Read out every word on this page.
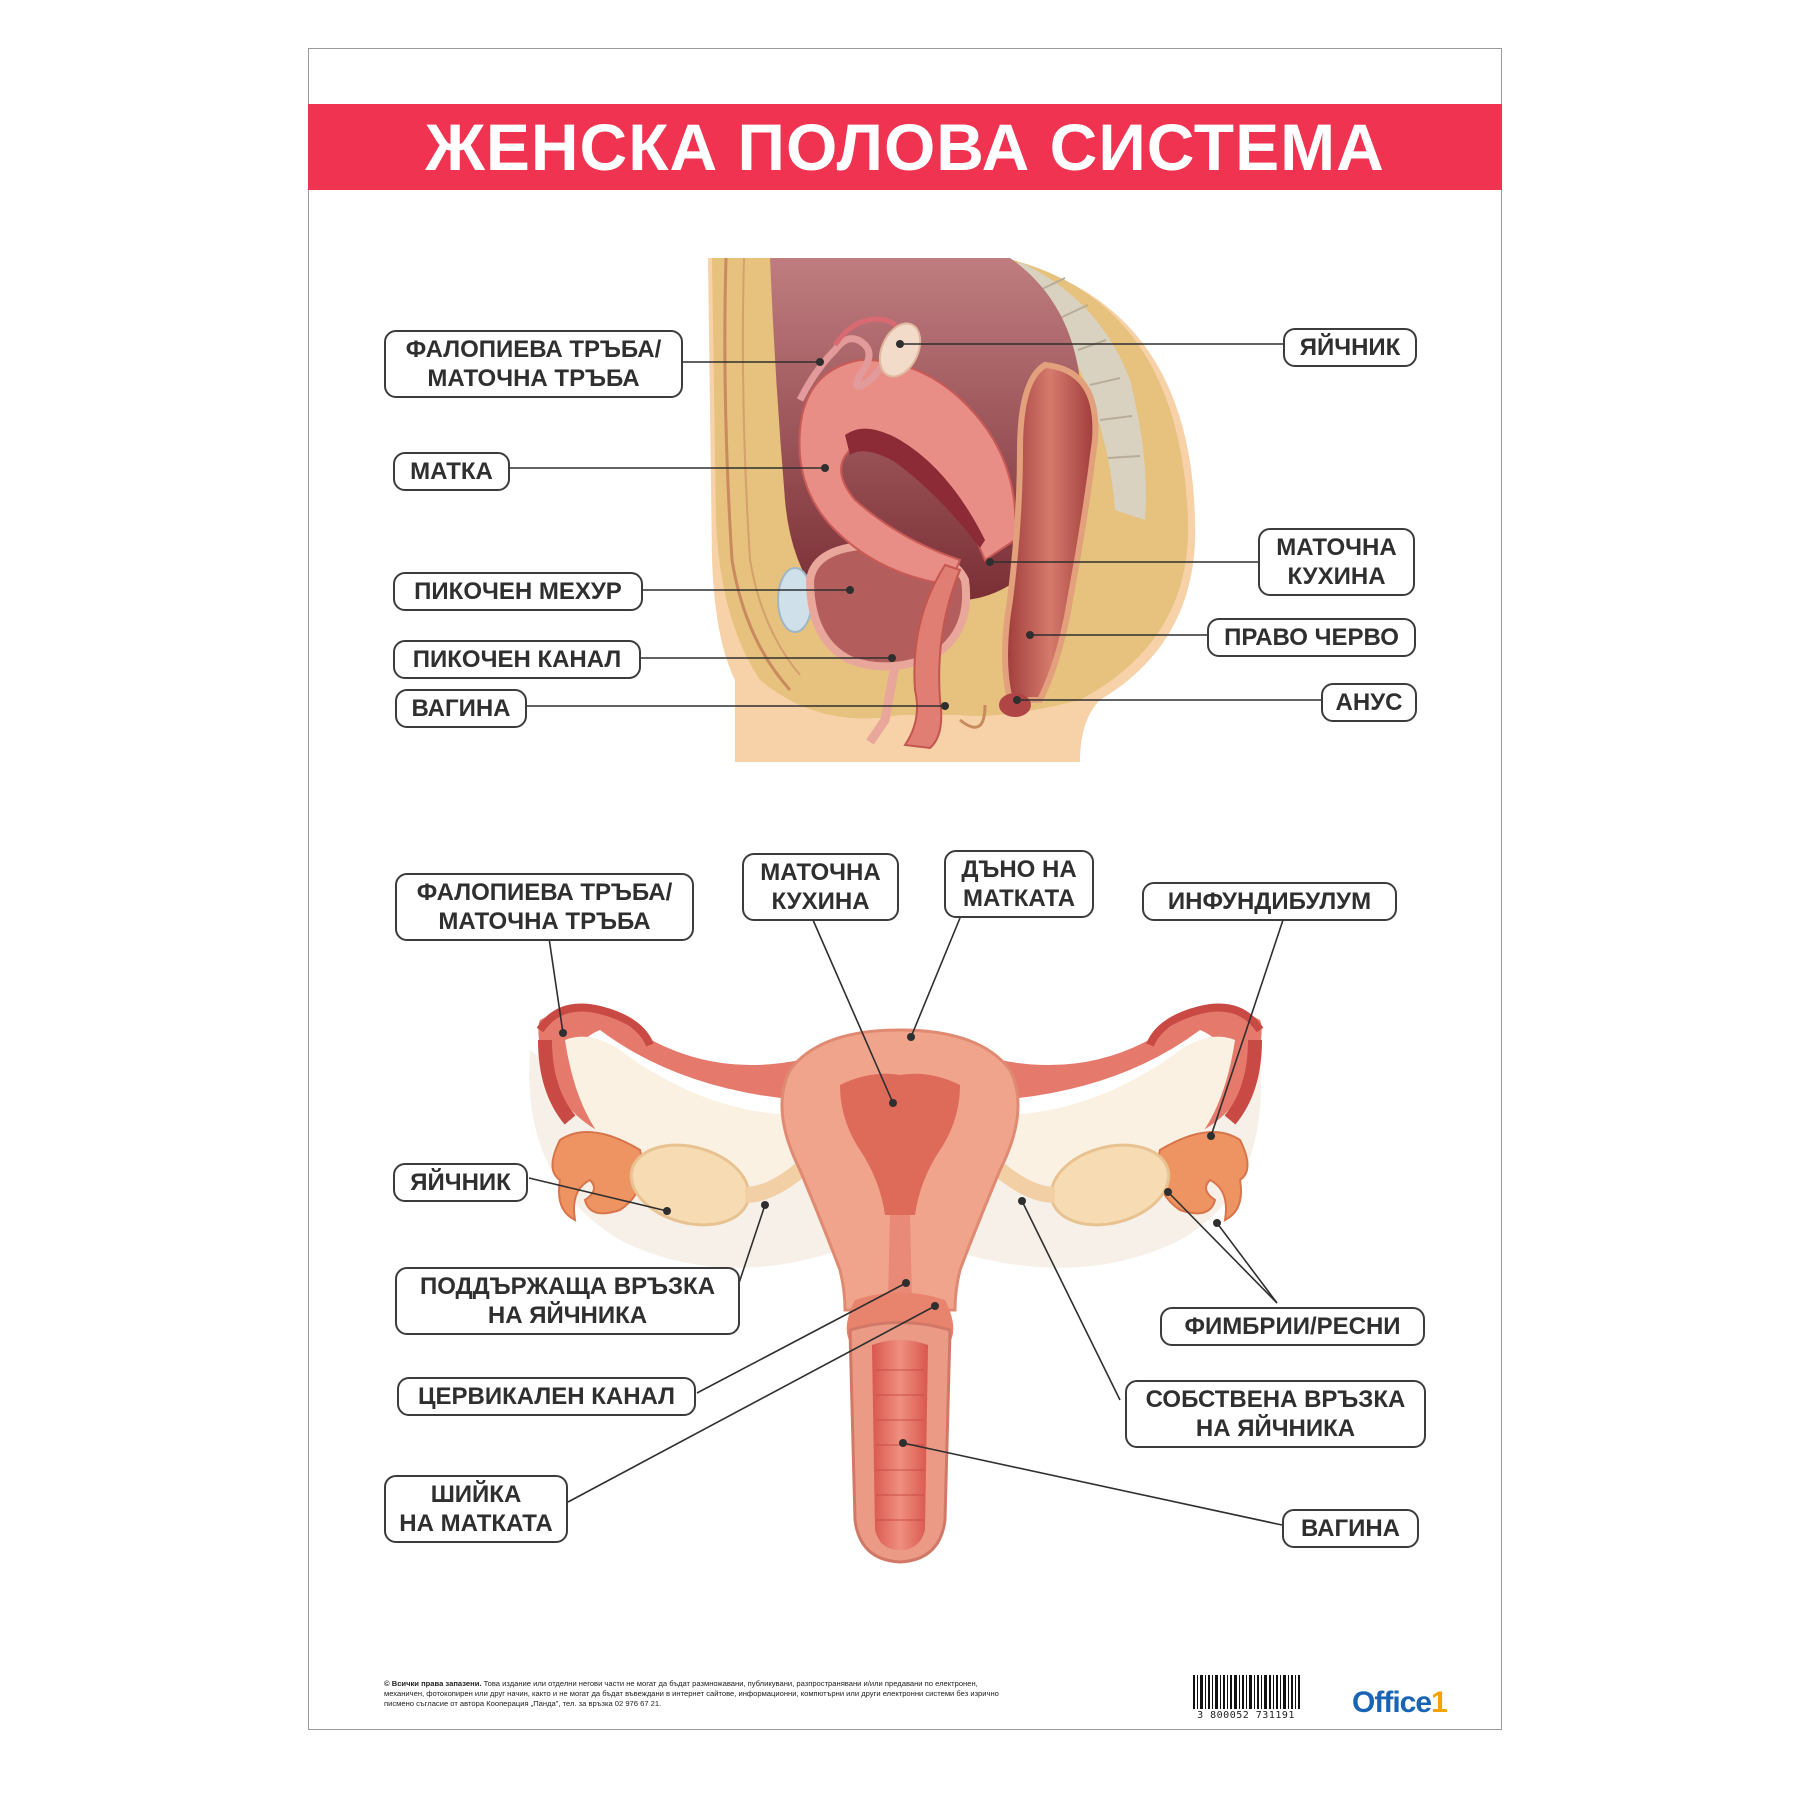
ЖЕНСКА ПОЛОВА СИСТЕМА
ФАЛОПИЕВА ТРЪБА/
МАТОЧНА ТРЪБА
ЯЙЧНИК
МАТКА
МАТОЧНА
КУХИНА
ПИКОЧЕН МЕХУР
ПРАВО ЧЕРВО
ПИКОЧЕН КАНАЛ
АНУС
ВАГИНА
ФАЛОПИЕВА ТРЪБА/
МАТОЧНА ТРЪБА
МАТОЧНА
КУХИНА
ДЪНО НА
МАТКАТА	ИНФУНДИБУЛУМ
ЯЙЧНИК
ПОДДЪРЖАЩА ВРЪЗКА
НА ЯЙЧНИКА	ФИМБРИИ/РЕСНИ
ЦЕРВИКАЛЕН КАНАЛ	СОБСТВЕНА ВРЪЗКА
НА ЯЙЧНИКА
ШИЙКА
НА МАТКАТА	ВАГИНА
© Всички права запазени. Това издание или отделни негови части не могат да бъдат размножавани, публикувани, разпространявани и/или предавани по електронен, механичен, фотокопирен или друг начин, както и не могат да бъдат въвеждани в интернет сайтове, информационни, компютърни или други електронни системи без изрично писмено съгласие от автора Кооперация „Панда", тел. за връзка 02 976 67 21.
3 800052 731191 Office1
